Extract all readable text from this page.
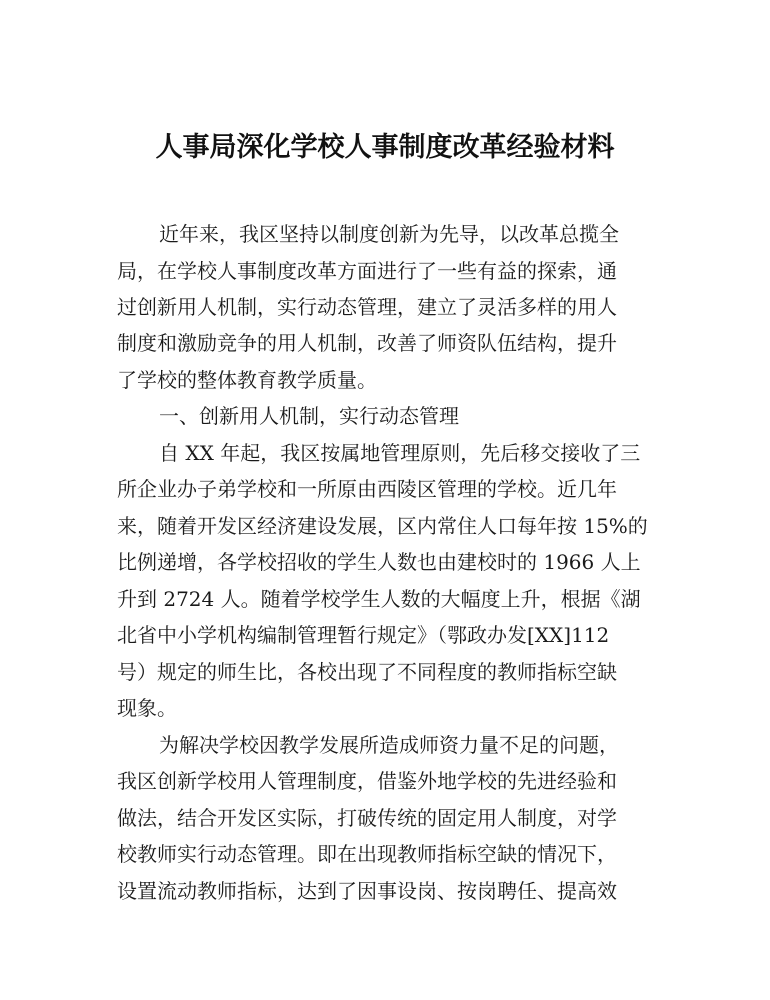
人事局深化学校人事制度改革经验材料

近年来，我区坚持以制度创新为先导，以改革总揽全

局，在学校人事制度改革方面进行了一些有益的探索，通

过创新用人机制，实行动态管理，建立了灵活多样的用人

制度和激励竞争的用人机制，改善了师资队伍结构，提升

了学校的整体教育教学质量。

一、创新用人机制，实行动态管理

自 XX 年起，我区按属地管理原则，先后移交接收了三

所企业办子弟学校和一所原由西陵区管理的学校。近几年

来，随着开发区经济建设发展，区内常住人口每年按 15%的

比例递增，各学校招收的学生人数也由建校时的 1966 人上

升到 2724 人。随着学校学生人数的大幅度上升，根据《湖

北省中小学机构编制管理暂行规定》（鄂政办发[XX]112

号）规定的师生比，各校出现了不同程度的教师指标空缺

现象。

为解决学校因教学发展所造成师资力量不足的问题，

我区创新学校用人管理制度，借鉴外地学校的先进经验和

做法，结合开发区实际，打破传统的固定用人制度，对学

校教师实行动态管理。即在出现教师指标空缺的情况下，

设置流动教师指标，达到了因事设岗、按岗聘任、提高效
